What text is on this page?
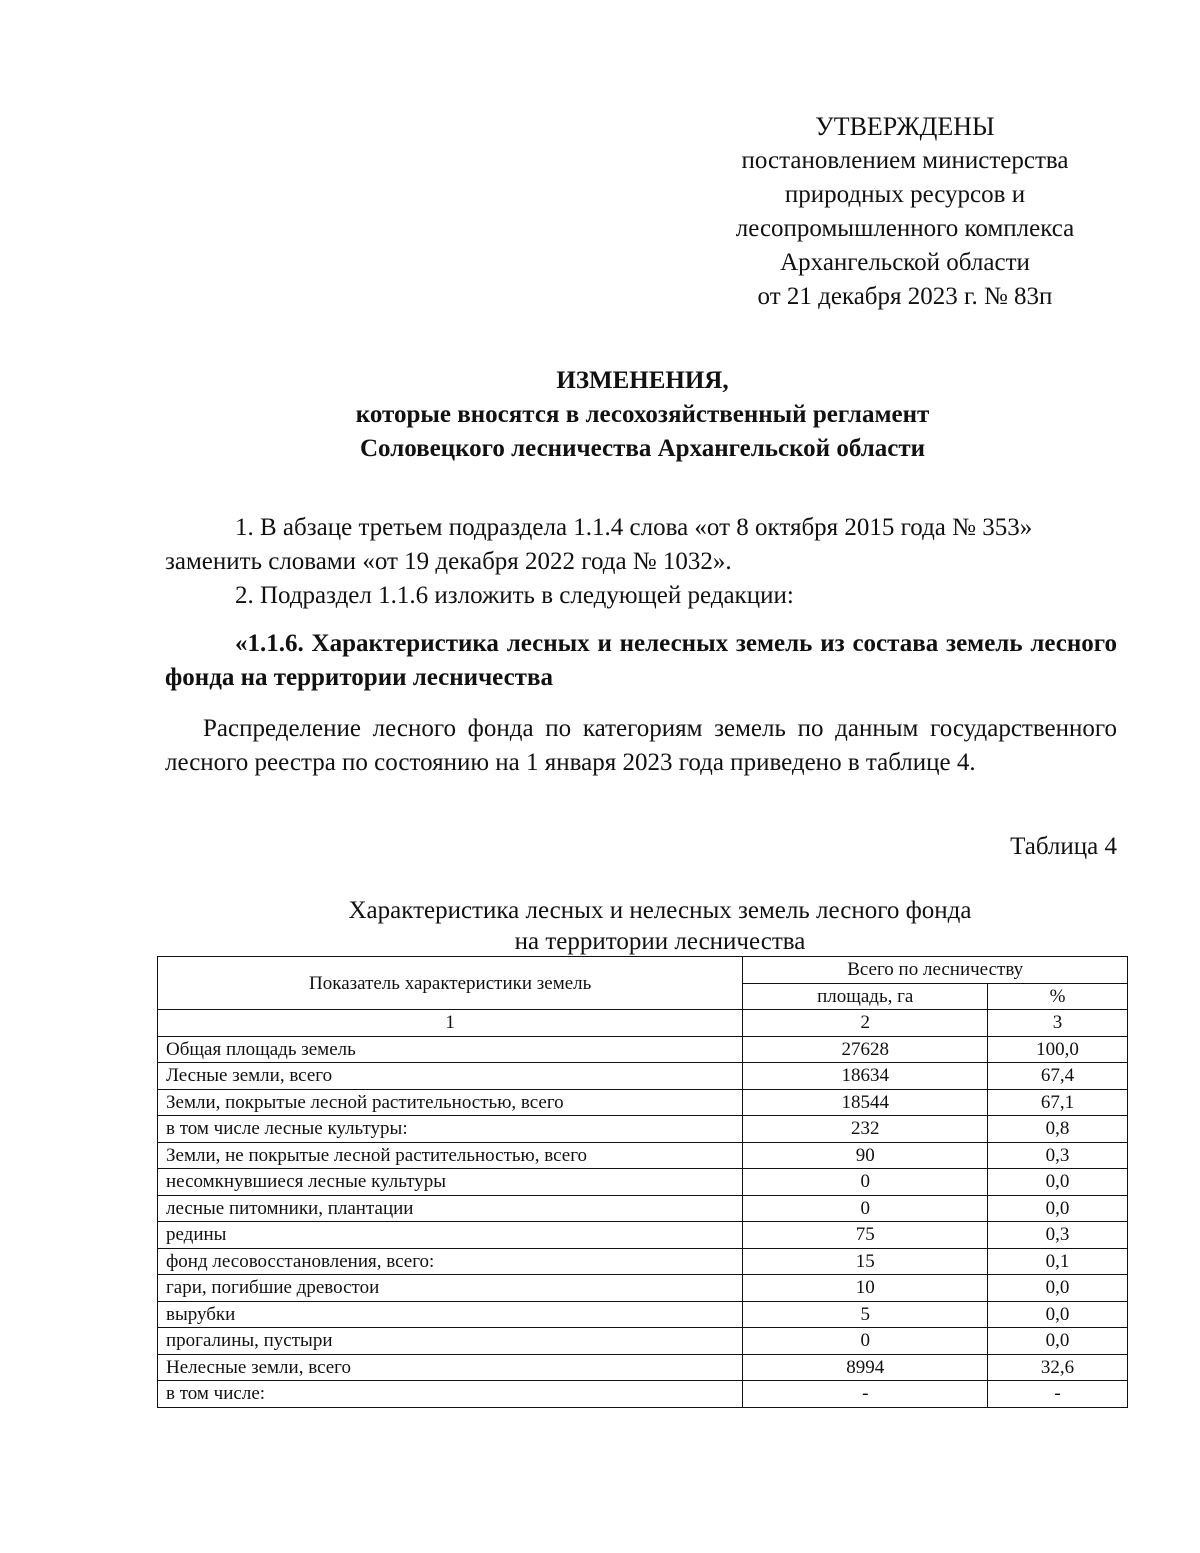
УТВЕРЖДЕНЫ
постановлением министерства
природных ресурсов и
лесопромышленного комплекса
Архангельской области
от 21 декабря 2023 г. № 83п
ИЗМЕНЕНИЯ,
которые вносятся в лесохозяйственный регламент
Соловецкого лесничества Архангельской области
1. В абзаце третьем подраздела 1.1.4 слова «от 8 октября 2015 года № 353» заменить словами «от 19 декабря 2022 года № 1032».
2. Подраздел 1.1.6 изложить в следующей редакции:
«1.1.6. Характеристика лесных и нелесных земель из состава земель лесного фонда на территории лесничества
Распределение лесного фонда по категориям земель по данным государственного лесного реестра по состоянию на 1 января 2023 года приведено в таблице 4.
Таблица 4
Характеристика лесных и нелесных земель лесного фонда
на территории лесничества
Показатель характеристики земель	Всего по лесничеству	
	площадь, га	%
1	2	3
Общая площадь земель	27628	100,0
Лесные земли, всего	18634	67,4
Земли, покрытые лесной растительностью, всего	18544	67,1
в том числе лесные культуры:	232	0,8
Земли, не покрытые лесной растительностью, всего	90	0,3
несомкнувшиеся лесные культуры	0	0,0
лесные питомники, плантации	0	0,0
редины	75	0,3
фонд лесовосстановления, всего:	15	0,1
гари, погибшие древостои	10	0,0
вырубки	5	0,0
прогалины, пустыри	0	0,0
Нелесные земли, всего	8994	32,6
в том числе:	-	-
